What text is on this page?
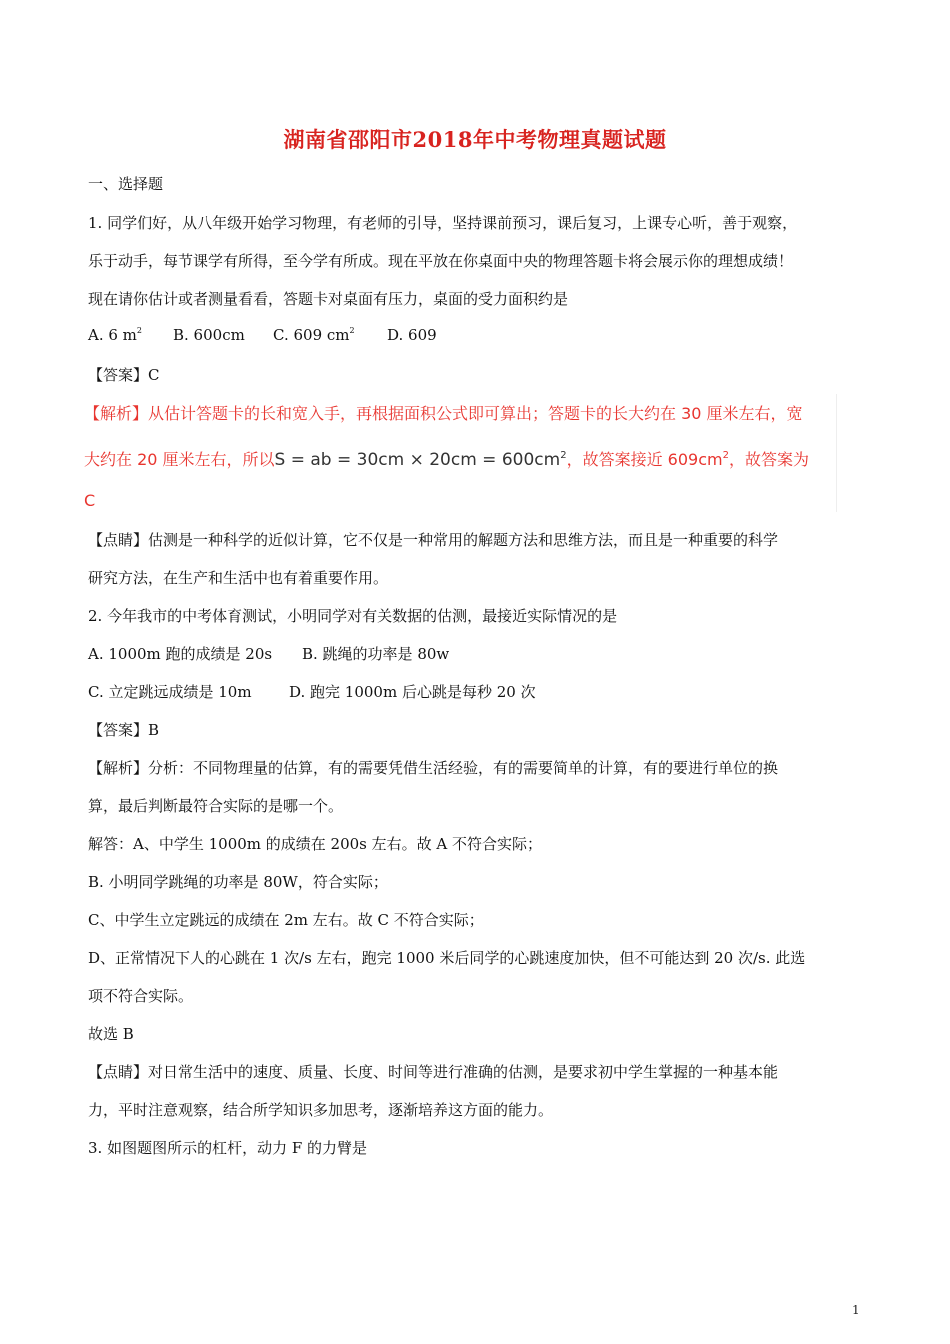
湖南省邵阳市2018年中考物理真题试题
一、选择题
1. 同学们好，从八年级开始学习物理，有老师的引导，坚持课前预习，课后复习，上课专心听，善于观察，
乐于动手，每节课学有所得，至今学有所成。现在平放在你桌面中央的物理答题卡将会展示你的理想成绩！
现在请你估计或者测量看看，答题卡对桌面有压力，桌面的受力面积约是
A. 6 $m^2$ B. 600cm C. 609 $cm^2$ D. 609
【答案】C
【解析】从估计答题卡的长和宽入手，再根据面积公式即可算出；答题卡的长大约在 30 厘米左右，宽
大约在 20 厘米左右，所以S = ab = $30cm \times 20cm = 600cm^2$，故答案接近 $609cm^2$，故答案为
C
【点睛】估测是一种科学的近似计算，它不仅是一种常用的解题方法和思维方法，而且是一种重要的科学
研究方法，在生产和生活中也有着重要作用。
2. 今年我市的中考体育测试，小明同学对有关数据的估测，最接近实际情况的是
A. 1000m 跑的成绩是 20s B. 跳绳的功率是 80w
C. 立定跳远成绩是 10m D. 跑完 1000m 后心跳是每秒 20 次
【答案】B
【解析】分析：不同物理量的估算，有的需要凭借生活经验，有的需要简单的计算，有的要进行单位的换
算，最后判断最符合实际的是哪一个。
解答：A、中学生 1000m 的成绩在 200s 左右。故 A 不符合实际；
B. 小明同学跳绳的功率是 80W，符合实际；
C、中学生立定跳远的成绩在 2m 左右。故 C 不符合实际；
D、正常情况下人的心跳在 1 次/s 左右，跑完 1000 米后同学的心跳速度加快，但不可能达到 20 次/s. 此选
项不符合实际。
故选 B
【点睛】对日常生活中的速度、质量、长度、时间等进行准确的估测，是要求初中学生掌握的一种基本能
力，平时注意观察，结合所学知识多加思考，逐渐培养这方面的能力。
3. 如图题图所示的杠杆，动力 F 的力臂是
1
